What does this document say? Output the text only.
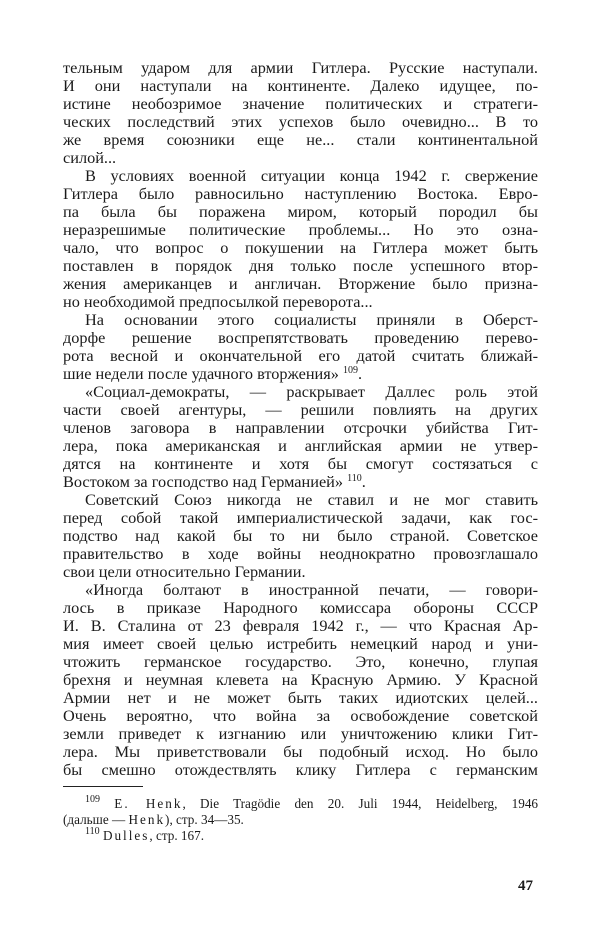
тельным ударом для армии Гитлера. Русские наступали.
И они наступали на континенте. Далеко идущее, по-
истине необозримое значение политических и стратеги-
ческих последствий этих успехов было очевидно... В то
же время союзники еще не... стали континентальной
силой...
В условиях военной ситуации конца 1942 г. свержение
Гитлера было равносильно наступлению Востока. Евро-
па была бы поражена миром, который породил бы
неразрешимые политические проблемы... Но это озна-
чало, что вопрос о покушении на Гитлера может быть
поставлен в порядок дня только после успешного втор-
жения американцев и англичан. Вторжение было призна-
но необходимой предпосылкой переворота...
На основании этого социалисты приняли в Оберст-
дорфе решение воспрепятствовать проведению перево-
рота весной и окончательной его датой считать ближай-
шие недели после удачного вторжения» $^{109}$.
«Социал-демократы, — раскрывает Даллес роль этой
части своей агентуры, — решили повлиять на других
членов заговора в направлении отсрочки убийства Гит-
лера, пока американская и английская армии не утвер-
дятся на континенте и хотя бы смогут состязаться с
Востоком за господство над Германией» $^{110}$.
Советский Союз никогда не ставил и не мог ставить
перед собой такой империалистической задачи, как гос-
подство над какой бы то ни было страной. Советское
правительство в ходе войны неоднократно провозглашало
свои цели относительно Германии.
«Иногда болтают в иностранной печати, — говори-
лось в приказе Народного комиссара обороны СССР
И. В. Сталина от 23 февраля 1942 г., — что Красная Ар-
мия имеет своей целью истребить немецкий народ и уни-
чтожить германское государство. Это, конечно, глупая
брехня и неумная клевета на Красную Армию. У Красной
Армии нет и не может быть таких идиотских целей...
Очень вероятно, что война за освобождение советской
земли приведет к изгнанию или уничтожению клики Гит-
лера. Мы приветствовали бы подобный исход. Но было
бы смешно отождествлять клику Гитлера с германским
$^{109}$ E. Henk, Die Tragödie den 20. Juli 1944, Heidelberg, 1946
(дальше — Henk), стр. 34—35.
$^{110}$ Dulles, стр. 167.
47
